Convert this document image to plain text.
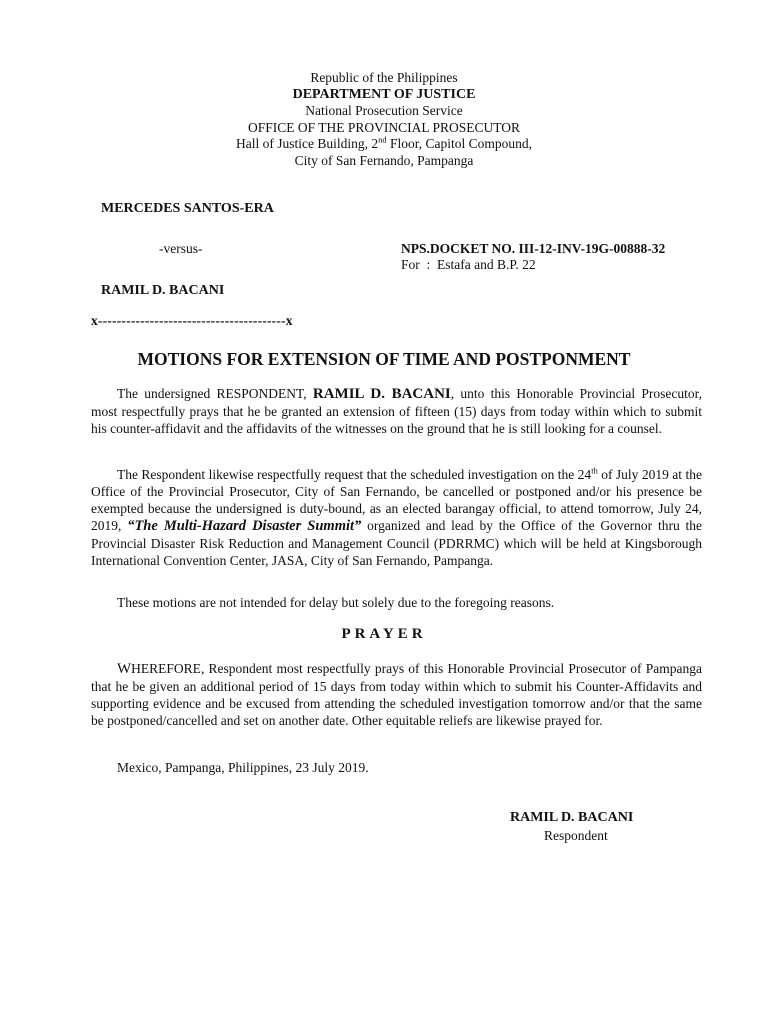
Republic of the Philippines
DEPARTMENT OF JUSTICE
National Prosecution Service
OFFICE OF THE PROVINCIAL PROSECUTOR
Hall of Justice Building, 2nd Floor, Capitol Compound,
City of San Fernando, Pampanga
MERCEDES SANTOS-ERA
-versus-	NPS.DOCKET NO. III-12-INV-19G-00888-32
For  :  Estafa and B.P. 22
RAMIL D. BACANI
x----------------------------------------x
MOTIONS FOR EXTENSION OF TIME AND POSTPONMENT
The undersigned RESPONDENT, RAMIL D. BACANI, unto this Honorable Provincial Prosecutor, most respectfully prays that he be granted an extension of fifteen (15) days from today within which to submit his counter-affidavit and the affidavits of the witnesses on the ground that he is still looking for a counsel.
The Respondent likewise respectfully request that the scheduled investigation on the 24th of July 2019 at the Office of the Provincial Prosecutor, City of San Fernando, be cancelled or postponed and/or his presence be exempted because the undersigned is duty-bound, as an elected barangay official, to attend tomorrow, July 24, 2019, “The Multi-Hazard Disaster Summit” organized and lead by the Office of the Governor thru the Provincial Disaster Risk Reduction and Management Council (PDRRMC) which will be held at Kingsborough International Convention Center, JASA, City of San Fernando, Pampanga.
These motions are not intended for delay but solely due to the foregoing reasons.
PRAYER
WHEREFORE, Respondent most respectfully prays of this Honorable Provincial Prosecutor of Pampanga that he be given an additional period of 15 days from today within which to submit his Counter-Affidavits and supporting evidence and be excused from attending the scheduled investigation tomorrow and/or that the same be postponed/cancelled and set on another date. Other equitable reliefs are likewise prayed for.
Mexico, Pampanga, Philippines, 23 July 2019.
RAMIL D. BACANI
Respondent
